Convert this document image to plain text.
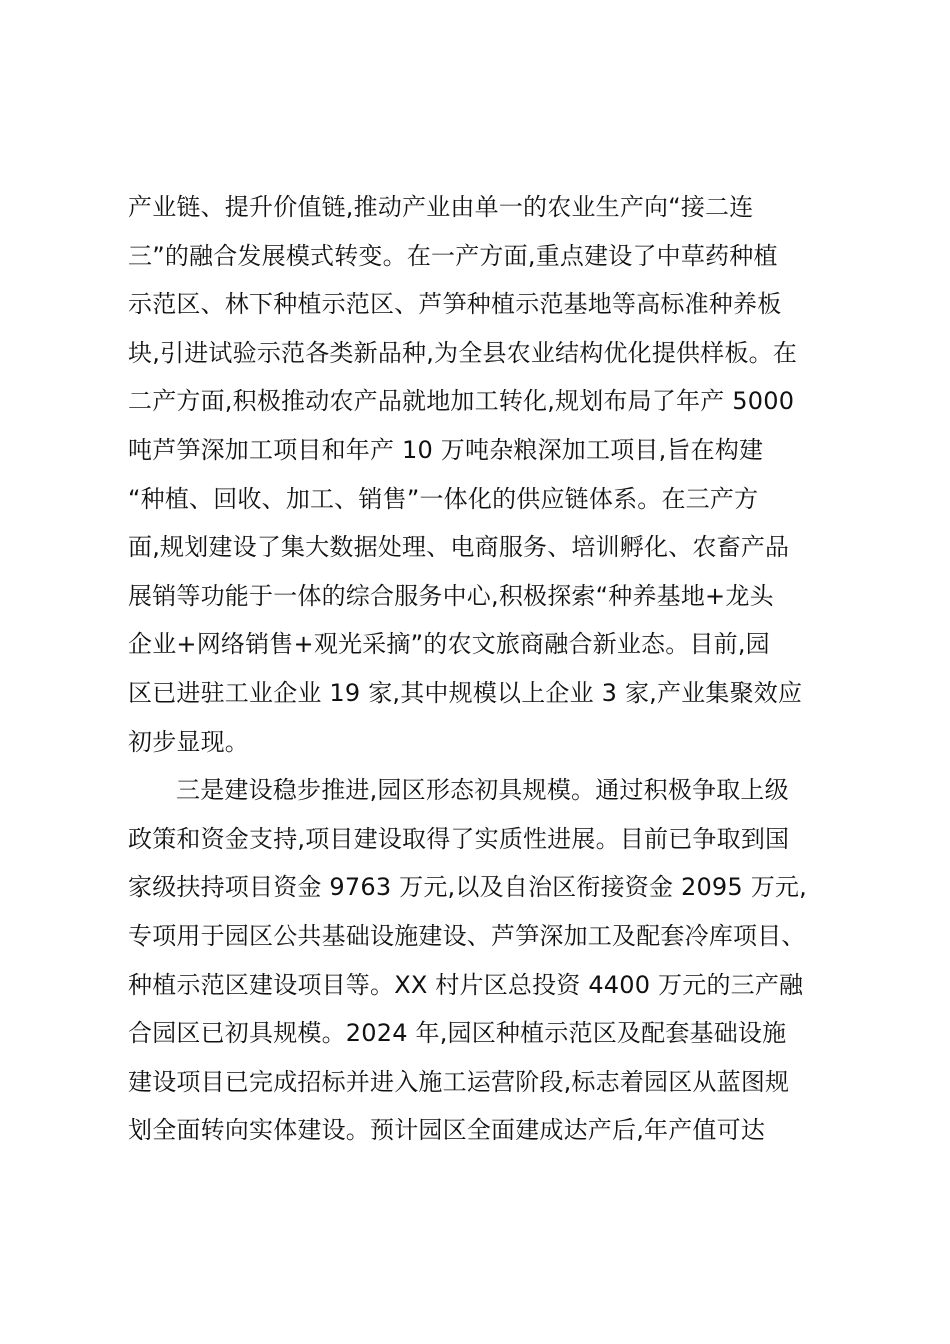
产业链、提升价值链,推动产业由单一的农业生产向“接二连
三”的融合发展模式转变。在一产方面,重点建设了中草药种植
示范区、林下种植示范区、芦笋种植示范基地等高标准种养板
块,引进试验示范各类新品种,为全县农业结构优化提供样板。在
二产方面,积极推动农产品就地加工转化,规划布局了年产 5000
吨芦笋深加工项目和年产 10 万吨杂粮深加工项目,旨在构建
“种植、回收、加工、销售”一体化的供应链体系。在三产方
面,规划建设了集大数据处理、电商服务、培训孵化、农畜产品
展销等功能于一体的综合服务中心,积极探索“种养基地+龙头
企业+网络销售+观光采摘”的农文旅商融合新业态。目前,园
区已进驻工业企业 19 家,其中规模以上企业 3 家,产业集聚效应
初步显现。
三是建设稳步推进,园区形态初具规模。通过积极争取上级
政策和资金支持,项目建设取得了实质性进展。目前已争取到国
家级扶持项目资金 9763 万元,以及自治区衔接资金 2095 万元,
专项用于园区公共基础设施建设、芦笋深加工及配套冷库项目、
种植示范区建设项目等。XX 村片区总投资 4400 万元的三产融
合园区已初具规模。2024 年,园区种植示范区及配套基础设施
建设项目已完成招标并进入施工运营阶段,标志着园区从蓝图规
划全面转向实体建设。预计园区全面建成达产后,年产值可达
